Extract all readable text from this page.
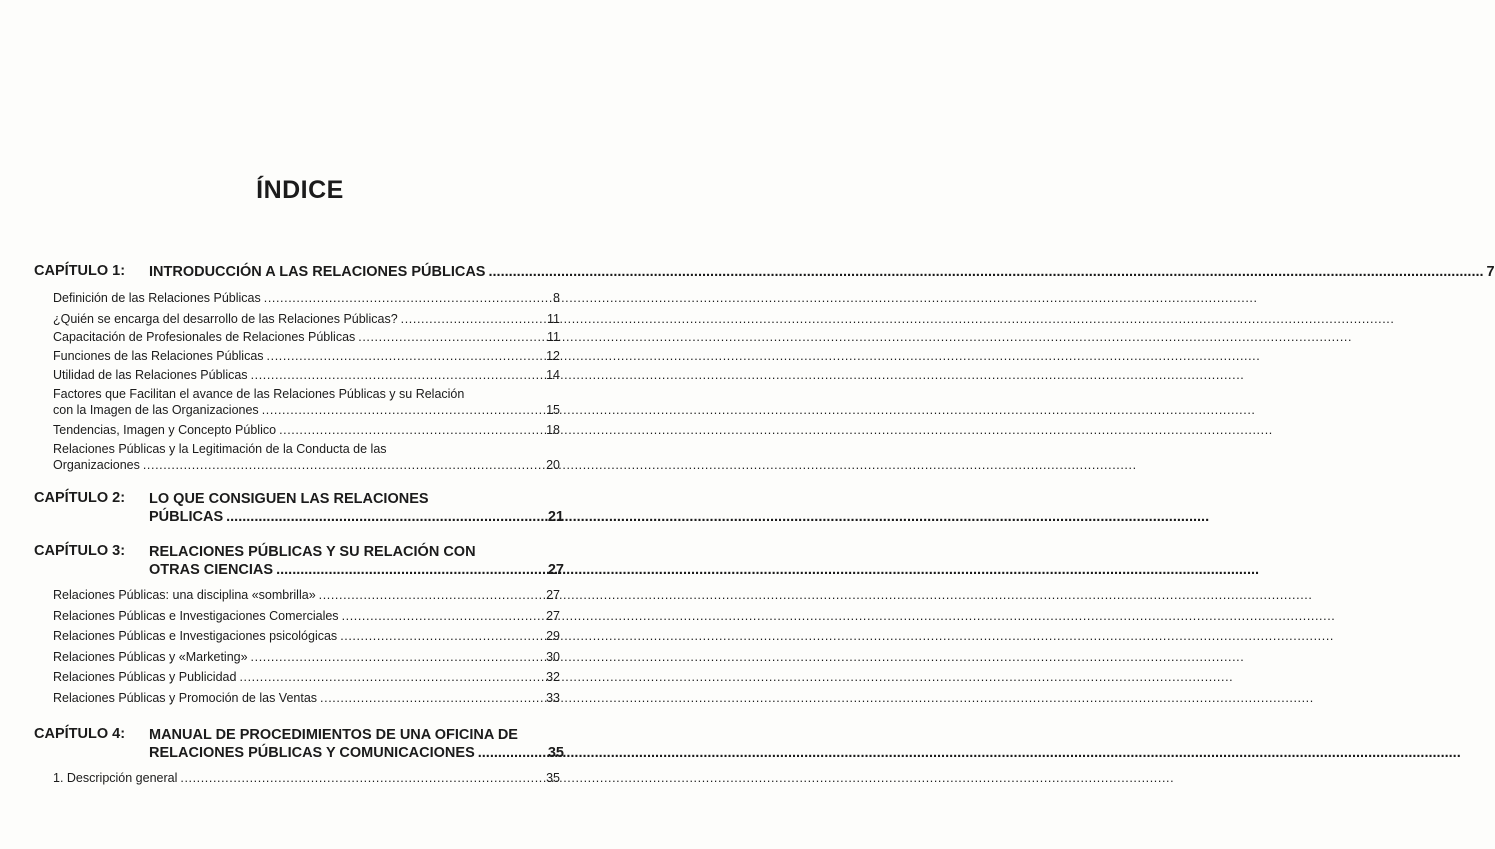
ÍNDICE
CAPÍTULO 1: INTRODUCCIÓN A LAS RELACIONES PÚBLICAS ... .....	7
Definición de las Relaciones Públicas .....	8
¿Quién se encarga del desarrollo de las Relaciones Públicas? .....	11
Capacitación de Profesionales de Relaciones Públicas .....	11
Funciones de las Relaciones Públicas .....	12
Utilidad de las Relaciones Públicas .....	14
Factores que Facilitan el avance de las Relaciones Públicas y su Relación
con la Imagen de las Organizaciones .....	15
Tendencias, Imagen y Concepto Público .....	18
Relaciones Públicas y la Legitimación de la Conducta de las
Organizaciones .....	20
CAPÍTULO 2: LO QUE CONSIGUEN LAS RELACIONES
PÚBLICAS .....	21
CAPÍTULO 3: RELACIONES PÚBLICAS Y SU RELACIÓN CON
OTRAS CIENCIAS .....	27
Relaciones Públicas: una disciplina «sombrilla» .....	27
Relaciones Públicas e Investigaciones Comerciales .....	27
Relaciones Públicas e Investigaciones psicológicas .....	29
Relaciones Públicas y «Marketing» .....	30
Relaciones Públicas y Publicidad .....	32
Relaciones Públicas y Promoción de las Ventas .....	33
CAPÍTULO 4: MANUAL DE PROCEDIMIENTOS DE UNA OFICINA DE
RELACIONES PÚBLICAS Y COMUNICACIONES .....	35
1. Descripción general .....	35
